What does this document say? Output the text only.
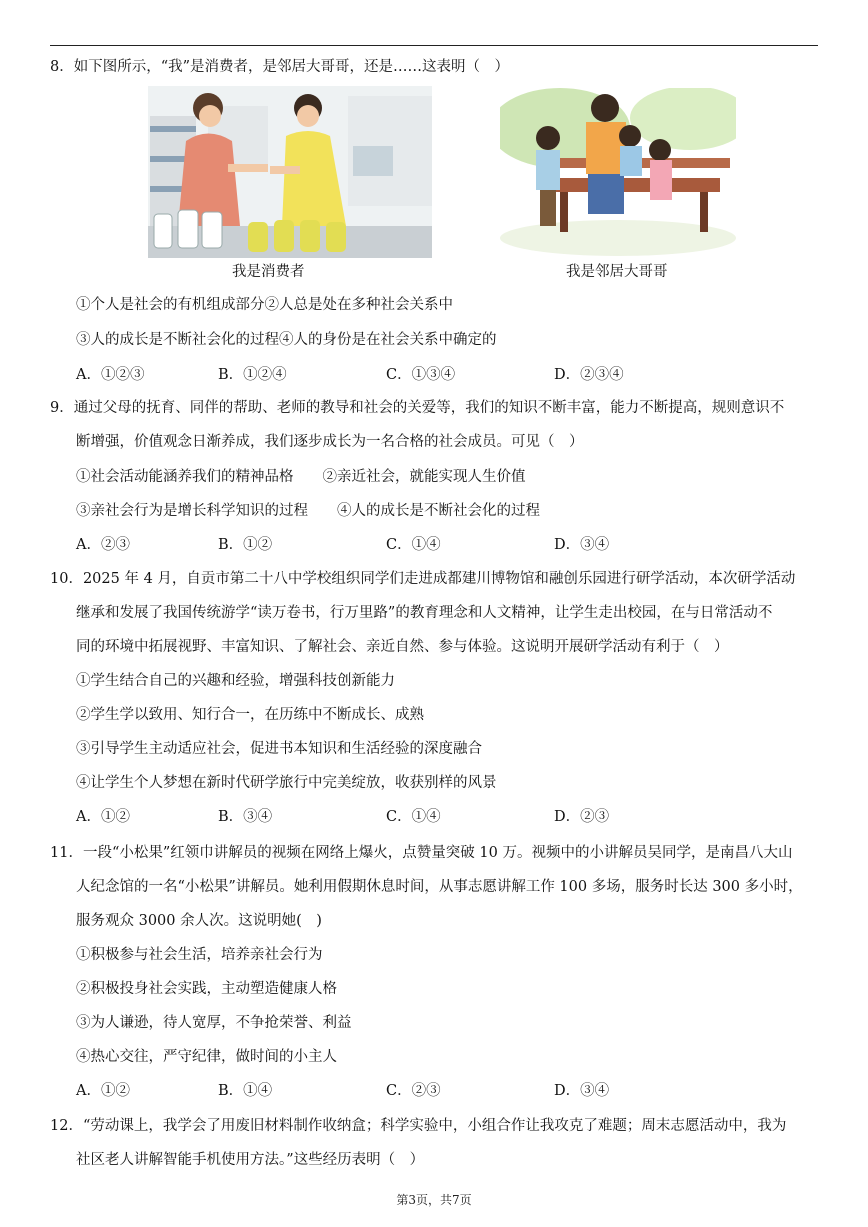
8．如下图所示，“我”是消费者，是邻居大哥哥，还是……这表明（　）
我是消费者	我是邻居大哥哥
①个人是社会的有机组成部分②人总是处在多种社会关系中
③人的成长是不断社会化的过程④人的身份是在社会关系中确定的
A．①②③	B．①②④	C．①③④	D．②③④
9．通过父母的抚育、同伴的帮助、老师的教导和社会的关爱等，我们的知识不断丰富，能力不断提高，规则意识不
断增强，价值观念日渐养成，我们逐步成长为一名合格的社会成员。可见（　）
①社会活动能涵养我们的精神品格　　②亲近社会，就能实现人生价值
③亲社会行为是增长科学知识的过程　　④人的成长是不断社会化的过程
A．②③	B．①②	C．①④	D．③④
10．2025 年 4 月，自贡市第二十八中学校组织同学们走进成都建川博物馆和融创乐园进行研学活动，本次研学活动
继承和发展了我国传统游学“读万卷书，行万里路”的教育理念和人文精神，让学生走出校园，在与日常活动不
同的环境中拓展视野、丰富知识、了解社会、亲近自然、参与体验。这说明开展研学活动有利于（　）
①学生结合自己的兴趣和经验，增强科技创新能力
②学生学以致用、知行合一，在历练中不断成长、成熟
③引导学生主动适应社会，促进书本知识和生活经验的深度融合
④让学生个人梦想在新时代研学旅行中完美绽放，收获别样的风景
A．①②	B．③④	C．①④	D．②③
11．一段“小松果”红领巾讲解员的视频在网络上爆火，点赞量突破 10 万。视频中的小讲解员吴同学，是南昌八大山
人纪念馆的一名“小松果”讲解员。她利用假期休息时间，从事志愿讲解工作 100 多场，服务时长达 300 多小时，
服务观众 3000 余人次。这说明她(　)
①积极参与社会生活，培养亲社会行为
②积极投身社会实践，主动塑造健康人格
③为人谦逊，待人宽厚，不争抢荣誉、利益
④热心交往，严守纪律，做时间的小主人
A．①②	B．①④	C．②③	D．③④
12．“劳动课上，我学会了用废旧材料制作收纳盒；科学实验中，小组合作让我攻克了难题；周末志愿活动中，我为
社区老人讲解智能手机使用方法。”这些经历表明（　）
第3页，共7页
